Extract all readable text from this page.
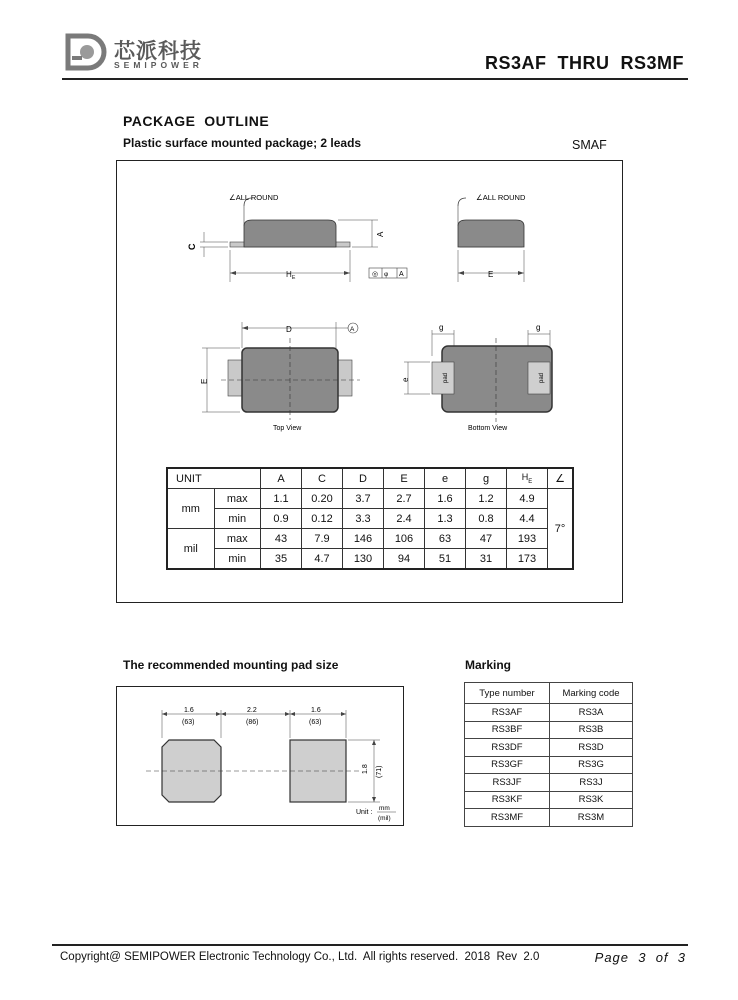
芯派科技
SEMIPOWER	RS3AF  THRU  RS3MF
PACKAGE  OUTLINE
Plastic surface mounted package; 2 leads	SMAF
∠ALL ROUND
C
A
$H_E$	◎ φ A
∠ALL ROUND
E
D	A
E
Top View
g	g
pad	pad
e
Bottom View
UNIT		A	C	D	E	e	g	$H_E$	∠
mm	max	1.1	0.20	3.7	2.7	1.6	1.2	4.9	7°
	min	0.9	0.12	3.3	2.4	1.3	0.8	4.4	
mil	max	43	7.9	146	106	63	47	193	
	min	35	4.7	130	94	51	31	173	
The recommended mounting pad size
1.6
(63)
2.2
(86)
1.6
(63)
1.8 (71)
Unit :
mm
(mil)
Marking
Type number	Marking code
RS3AF	RS3A
RS3BF	RS3B
RS3DF	RS3D
RS3GF	RS3G
RS3JF	RS3J
RS3KF	RS3K
RS3MF	RS3M
Copyright@ SEMIPOWER Electronic Technology Co., Ltd.  All rights reserved.  2018  Rev  2.0	Page  3  of  3
